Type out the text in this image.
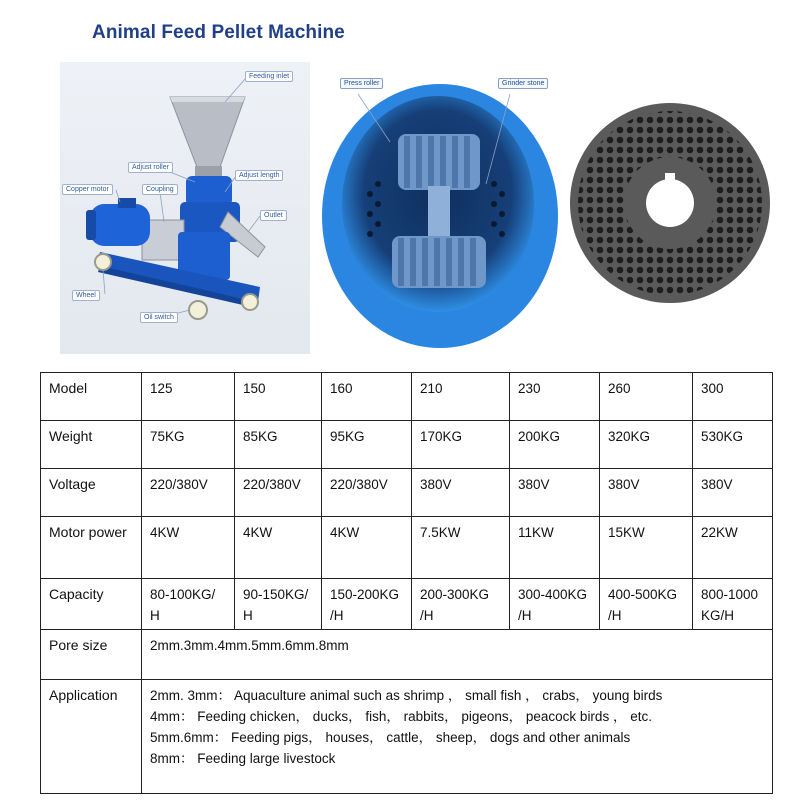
Animal Feed Pellet Machine
Feeding inlet
Adjust roller
Adjust length
Copper motor	Coupling
Outlet
Wheel
Oil switch
Press roller	Grinder stone
Model	125	150	160	210	230	260	300
Weight	75KG	85KG	95KG	170KG	200KG	320KG	530KG
Voltage	220/380V	220/380V	220/380V	380V	380V	380V	380V
Motor power	4KW	4KW	4KW	7.5KW	11KW	15KW	22KW
Capacity	80-100KG/ H	90-150KG/ H	150-200KG /H	200-300KG /H	300-400KG /H	400-500KG /H	800-1000 KG/H
Pore size	2mm.3mm.4mm.5mm.6mm.8mm						
Application	2mm. 3mm： Aquaculture animal such as shrimp ， small fish ， crabs， young birds
4mm： Feeding chicken， ducks， fish， rabbits， pigeons， peacock birds ， etc.
5mm.6mm： Feeding pigs， houses， cattle， sheep， dogs and other animals
8mm： Feeding large livestock						
